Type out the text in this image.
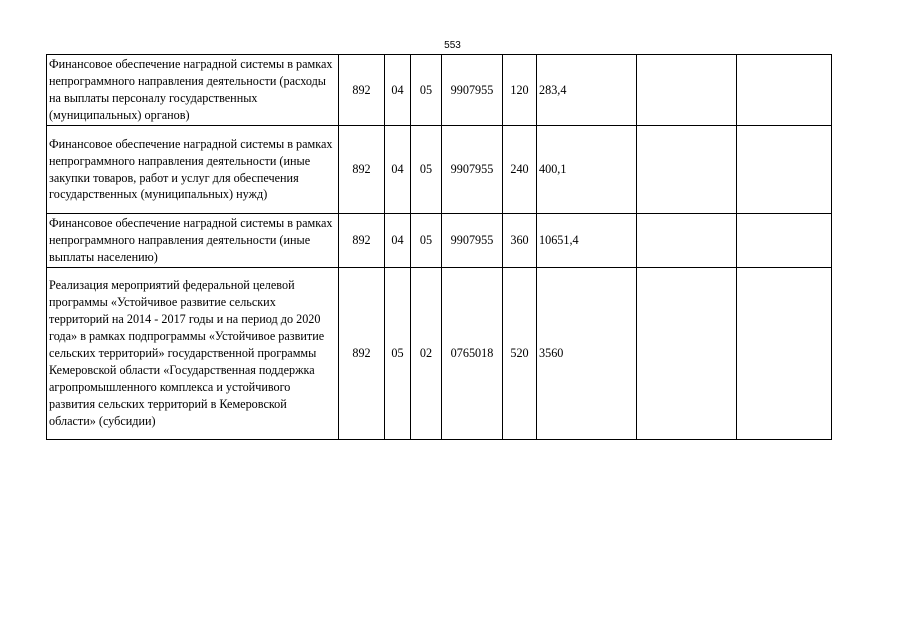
553
Финансовое обеспечение наградной системы в рамках непрограммного направления деятельности (расходы на выплаты персоналу государственных (муниципальных) органов)	892	04	05	9907955	120	283,4		
Финансовое обеспечение наградной системы в рамках непрограммного направления деятельности (иные закупки товаров, работ и услуг для обеспечения государственных (муниципальных) нужд)	892	04	05	9907955	240	400,1		
Финансовое обеспечение наградной системы в рамках непрограммного направления деятельности (иные выплаты населению)	892	04	05	9907955	360	10651,4		
Реализация мероприятий федеральной целевой программы «Устойчивое развитие сельских территорий на 2014 - 2017 годы и на период до 2020 года» в рамках подпрограммы «Устойчивое развитие сельских территорий» государственной программы Кемеровской области «Государственная поддержка агропромышленного комплекса и устойчивого развития сельских территорий в Кемеровской области» (субсидии)	892	05	02	0765018	520	3560		
